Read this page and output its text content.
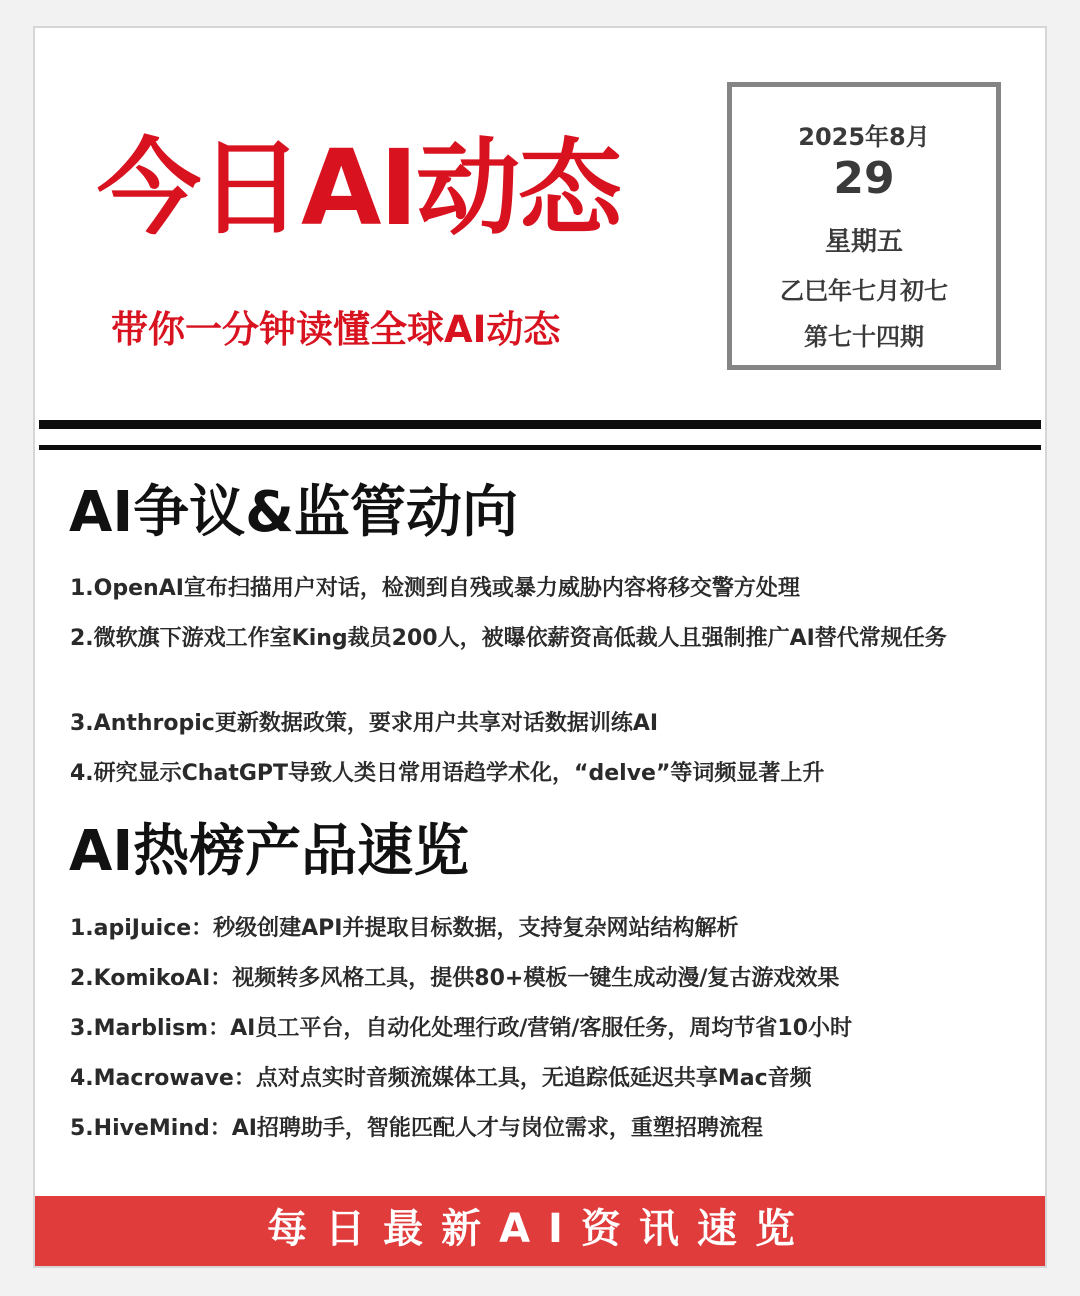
今日AI动态
带你一分钟读懂全球AI动态
2025年8月
29
星期五
乙巳年七月初七
第七十四期
AI争议&监管动向
1.OpenAI宣布扫描用户对话，检测到自残或暴力威胁内容将移交警方处理
2.微软旗下游戏工作室King裁员200人，被曝依薪资高低裁人且强制推广AI替代常规任务
3.Anthropic更新数据政策，要求用户共享对话数据训练AI
4.研究显示ChatGPT导致人类日常用语趋学术化，“delve”等词频显著上升
AI热榜产品速览
1.apiJuice：秒级创建API并提取目标数据，支持复杂网站结构解析
2.KomikoAI：视频转多风格工具，提供80+模板一键生成动漫/复古游戏效果
3.Marblism：AI员工平台，自动化处理行政/营销/客服任务，周均节省10小时
4.Macrowave：点对点实时音频流媒体工具，无追踪低延迟共享Mac音频
5.HiveMind：AI招聘助手，智能匹配人才与岗位需求，重塑招聘流程
每日最新AI资讯速览
